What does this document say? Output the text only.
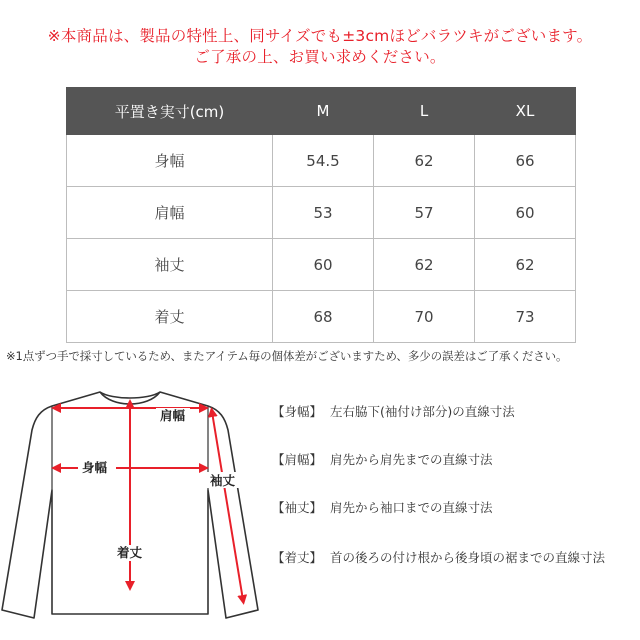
※本商品は、製品の特性上、同サイズでも±3cmほどバラツキがございます。
ご了承の上、お買い求めください。
平置き実寸(cm)	M	L	XL
身幅	54.5	62	66
肩幅	53	57	60
袖丈	60	62	62
着丈	68	70	73
※1点ずつ手で採寸しているため、またアイテム毎の個体差がございますため、多少の誤差はご了承ください。
肩幅
身幅
袖丈
着丈
【身幅】 左右脇下(袖付け部分)の直線寸法
【肩幅】 肩先から肩先までの直線寸法
【袖丈】 肩先から袖口までの直線寸法
【着丈】 首の後ろの付け根から後身頃の裾までの直線寸法
